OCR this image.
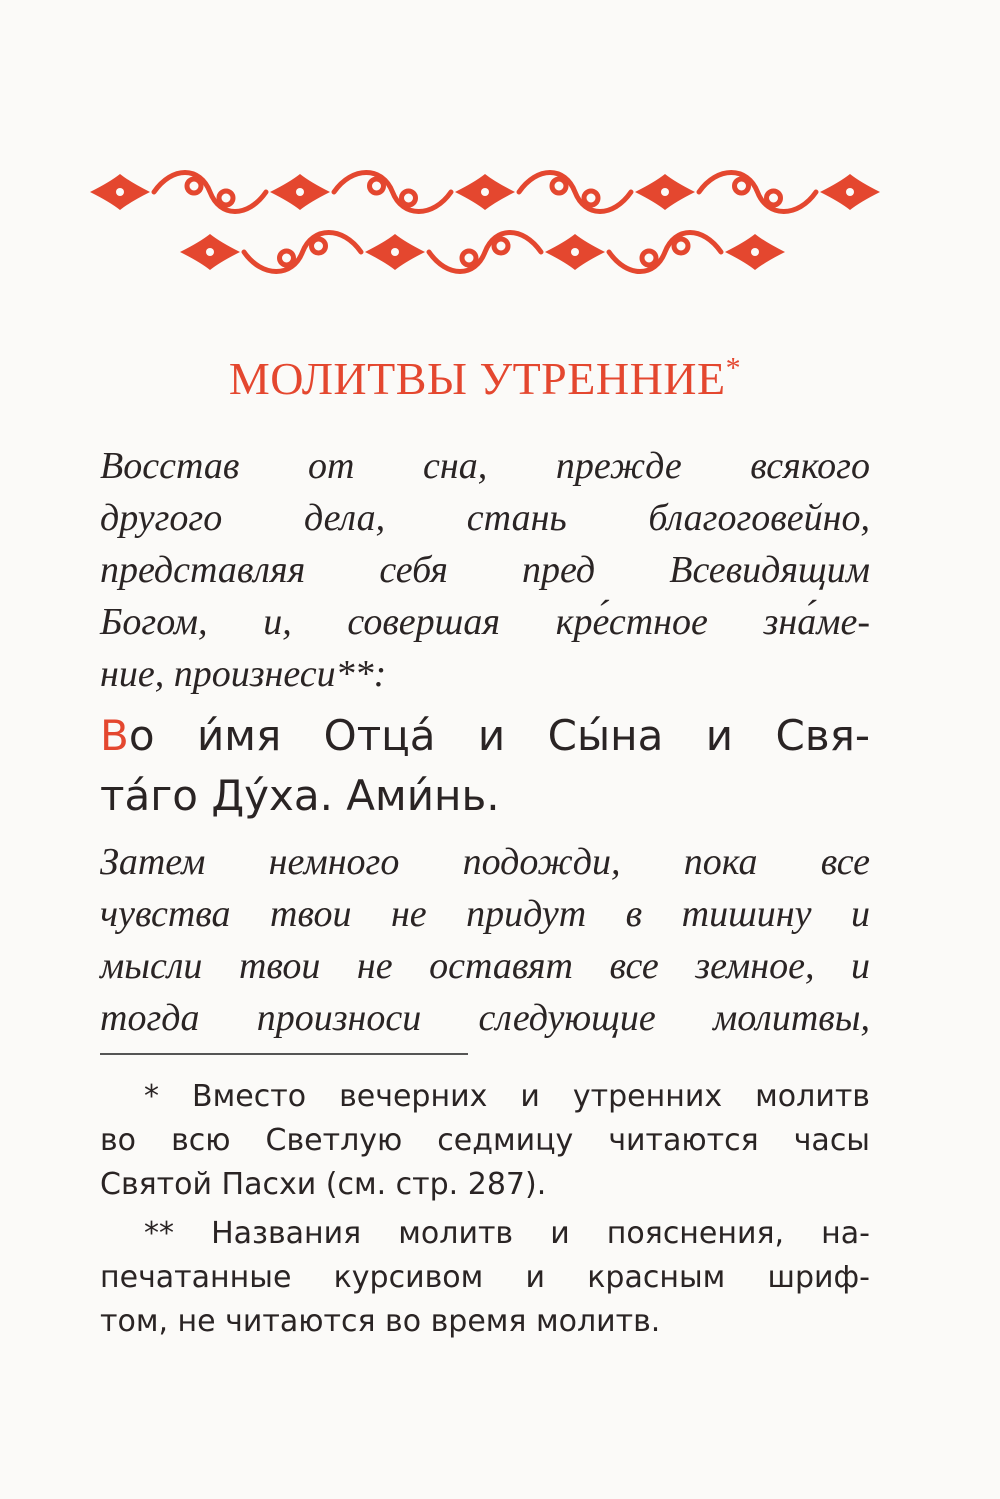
МОЛИТВЫ УТРЕННИЕ*
Восстав от сна, прежде всякого
другого дела, стань благоговейно,
представляя себя пред Всевидящим
Богом, и, совершая кре́стное зна́ме-
ние, произнеси**:
Во и́мя Отца́ и Сы́на и Свя-
та́го Ду́ха. Ами́нь.
Затем немного подожди, пока все
чувства твои не придут в тишину и
мысли твои не оставят все земное, и
тогда произноси следующие молитвы,
* Вместо вечерних и утренних молитв
во всю Светлую седмицу читаются часы
Святой Пасхи (см. стр. 287).
** Названия молитв и пояснения, на-
печатанные курсивом и красным шриф-
том, не читаются во время молитв.
